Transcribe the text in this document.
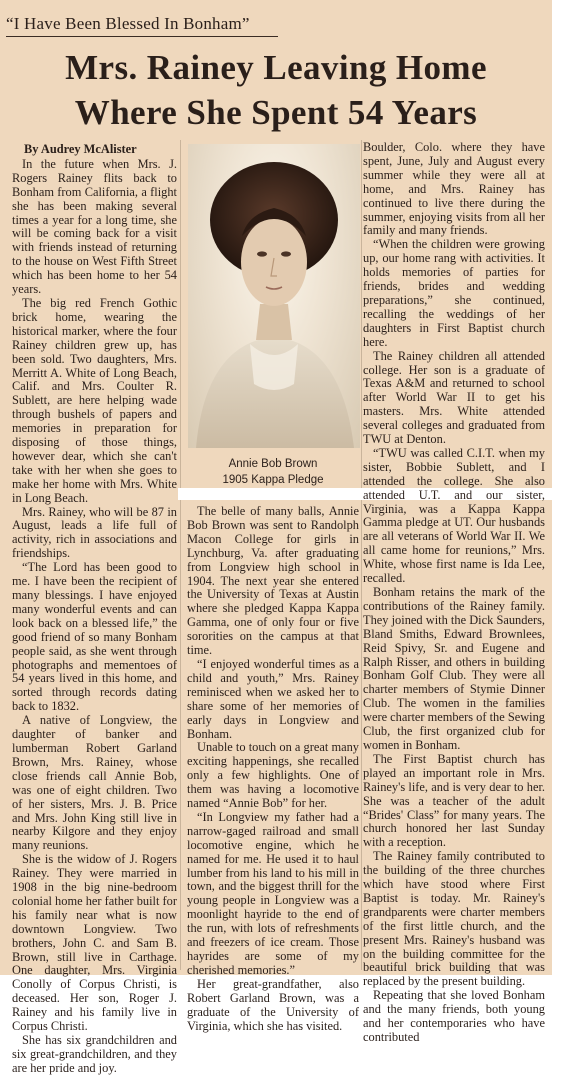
“I Have Been Blessed In Bonham”
Mrs. Rainey Leaving Home
Where She Spent 54 Years

By Audrey McAlister

In the future when Mrs. J. Rogers Rainey flits back to Bonham from California, a flight she has been making several times a year for a long time, she will be coming back for a visit with friends instead of returning to the house on West Fifth Street which has been home to her 54 years.

The big red French Gothic brick home, wearing the historical marker, where the four Rainey children grew up, has been sold. Two daughters, Mrs. Merritt A. White of Long Beach, Calif. and Mrs. Coulter R. Sublett, are here helping wade through bushels of papers and memories in preparation for disposing of those things, however dear, which she can't take with her when she goes to make her home with Mrs. White in Long Beach.

Mrs. Rainey, who will be 87 in August, leads a life full of activity, rich in associations and friendships.

“The Lord has been good to me. I have been the recipient of many blessings. I have enjoyed many wonderful events and can look back on a blessed life,” the good friend of so many Bonham people said, as she went through photographs and mementoes of 54 years lived in this home, and sorted through records dating back to 1832.

A native of Longview, the daughter of banker and lumberman Robert Garland Brown, Mrs. Rainey, whose close friends call Annie Bob, was one of eight children. Two of her sisters, Mrs. J. B. Price and Mrs. John King still live in nearby Kilgore and they enjoy many reunions.

She is the widow of J. Rogers Rainey. They were married in 1908 in the big nine-bedroom colonial home her father built for his family near what is now downtown Longview. Two brothers, John C. and Sam B. Brown, still live in Carthage. One daughter, Mrs. Virginia Conolly of Corpus Christi, is deceased. Her son, Roger J. Rainey and his family live in Corpus Christi.

She has six grandchildren and six great-grandchildren, and they are her pride and joy.

Annie Bob Brown
1905 Kappa Pledge

The belle of many balls, Annie Bob Brown was sent to Randolph Macon College for girls in Lynchburg, Va. after graduating from Longview high school in 1904. The next year she entered the University of Texas at Austin where she pledged Kappa Kappa Gamma, one of only four or five sororities on the campus at that time.

“I enjoyed wonderful times as a child and youth,” Mrs. Rainey reminisced when we asked her to share some of her memories of early days in Longview and Bonham.

Unable to touch on a great many exciting happenings, she recalled only a few highlights. One of them was having a locomotive named “Annie Bob” for her.

“In Longview my father had a narrow-gaged railroad and small locomotive engine, which he named for me. He used it to haul lumber from his land to his mill in town, and the biggest thrill for the young people in Longview was a moonlight hayride to the end of the run, with lots of refreshments and freezers of ice cream. Those hayrides are some of my cherished memories.”

Her great-grandfather, also Robert Garland Brown, was a graduate of the University of Virginia, which she has visited.

Boulder, Colo. where they have spent, June, July and August every summer while they were all at home, and Mrs. Rainey has continued to live there during the summer, enjoying visits from all her family and many friends.

“When the children were growing up, our home rang with activities. It holds memories of parties for friends, brides and wedding preparations,” she continued, recalling the weddings of her daughters in First Baptist church here.

The Rainey children all attended college. Her son is a graduate of Texas A&M and returned to school after World War II to get his masters. Mrs. White attended several colleges and graduated from TWU at Denton.

“TWU was called C.I.T. when my sister, Bobbie Sublett, and I attended the college. She also attended U.T. and our sister, Virginia, was a Kappa Kappa Gamma pledge at UT. Our husbands are all veterans of World War II. We all came home for reunions,” Mrs. White, whose first name is Ida Lee, recalled.

Bonham retains the mark of the contributions of the Rainey family. They joined with the Dick Saunders, Bland Smiths, Edward Brownlees, Reid Spivy, Sr. and Eugene and Ralph Risser, and others in building Bonham Golf Club. They were all charter members of Stymie Dinner Club. The women in the families were charter members of the Sewing Club, the first organized club for women in Bonham.

The First Baptist church has played an important role in Mrs. Rainey's life, and is very dear to her. She was a teacher of the adult “Brides' Class” for many years. The church honored her last Sunday with a reception.

The Rainey family contributed to the building of the three churches which have stood where First Baptist is today. Mr. Rainey's grandparents were charter members of the first little church, and the present Mrs. Rainey's husband was on the building committee for the beautiful brick building that was replaced by the present building.

Repeating that she loved Bonham and the many friends, both young and her contemporaries who have contributed
